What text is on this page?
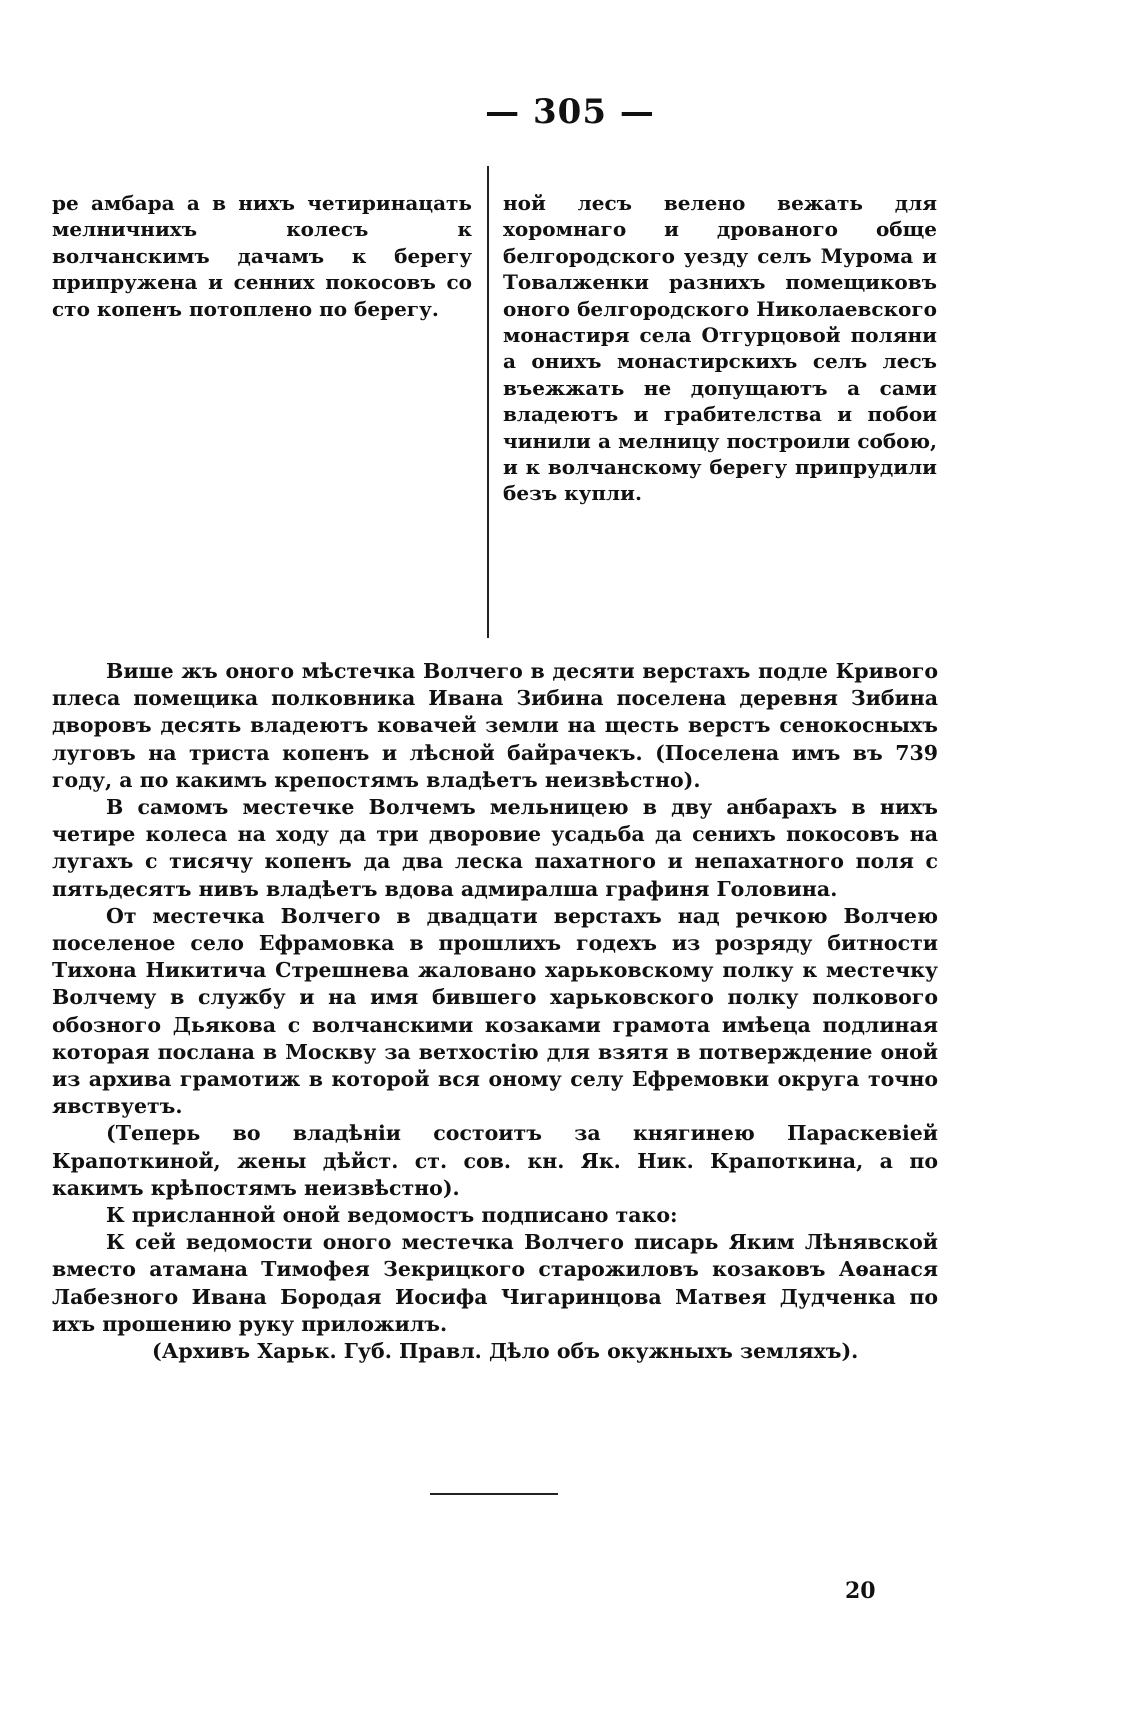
— 305 —
ре амбара а в нихъ четиринацать мелничнихъ колесъ к волчанскимъ дачамъ к берегу припружена и сенних покосовъ со сто копенъ потоплено по берегу.
ной лесъ велено вежать для хоромнаго и дрованого обще белгородского уезду селъ Мурома и Товалженки разнихъ помещиковъ оного белгородского Николаевского монастиря села Отгурцовой поляни а онихъ монастирскихъ селъ лесъ въежжать не допущаютъ а сами владеютъ и грабителства и побои чинили а мелницу построили собою, и к волчанскому берегу припрудили безъ купли.

Више жъ оного мѣстечка Волчего в десяти верстахъ подле Кривого плеса помещика полковника Ивана Зибина поселена деревня Зибина дворовъ десять владеютъ ковачей земли на щесть верстъ сенокосныхъ луговъ на триста копенъ и лѣсной байрачекъ. (Поселена имъ въ 739 году, а по какимъ крепостямъ владѣетъ неизвѣстно).

В самомъ местечке Волчемъ мельницею в дву анбарахъ в нихъ четире колеса на ходу да три дворовие усадьба да сенихъ покосовъ на лугахъ с тисячу копенъ да два леска пахатного и непахатного поля с пятьдесятъ нивъ владѣетъ вдова адмиралша графиня Головина.

От местечка Волчего в двадцати верстахъ над речкою Волчею поселеное село Ефрамовка в прошлихъ годехъ из розряду битности Тихона Никитича Стрешнева жаловано харьковскому полку к местечку Волчему в службу и на имя бившего харьковского полку полкового обозного Дьякова с волчанскими козаками грамота имѣеца подлиная которая послана в Москву за ветхостію для взятя в потверждение оной из архива грамотиж в которой вся оному селу Ефремовки округа точно явствуетъ.

(Теперь во владѣніи состоитъ за княгинею Параскевіей Крапоткиной, жены дѣйст. ст. сов. кн. Як. Ник. Крапоткина, а по какимъ крѣпостямъ неизвѣстно).

К присланной оной ведомостъ подписано тако:

К сей ведомости оного местечка Волчего писарь Яким Лѣнявской вместо атамана Тимофея Зекрицкого старожиловъ козаковъ Аѳанася Лабезного Ивана Бородая Иосифа Чигаринцова Матвея Дудченка по ихъ прошению руку приложилъ.

(Архивъ Харьк. Губ. Правл. Дѣло объ окужныхъ земляхъ).

20
